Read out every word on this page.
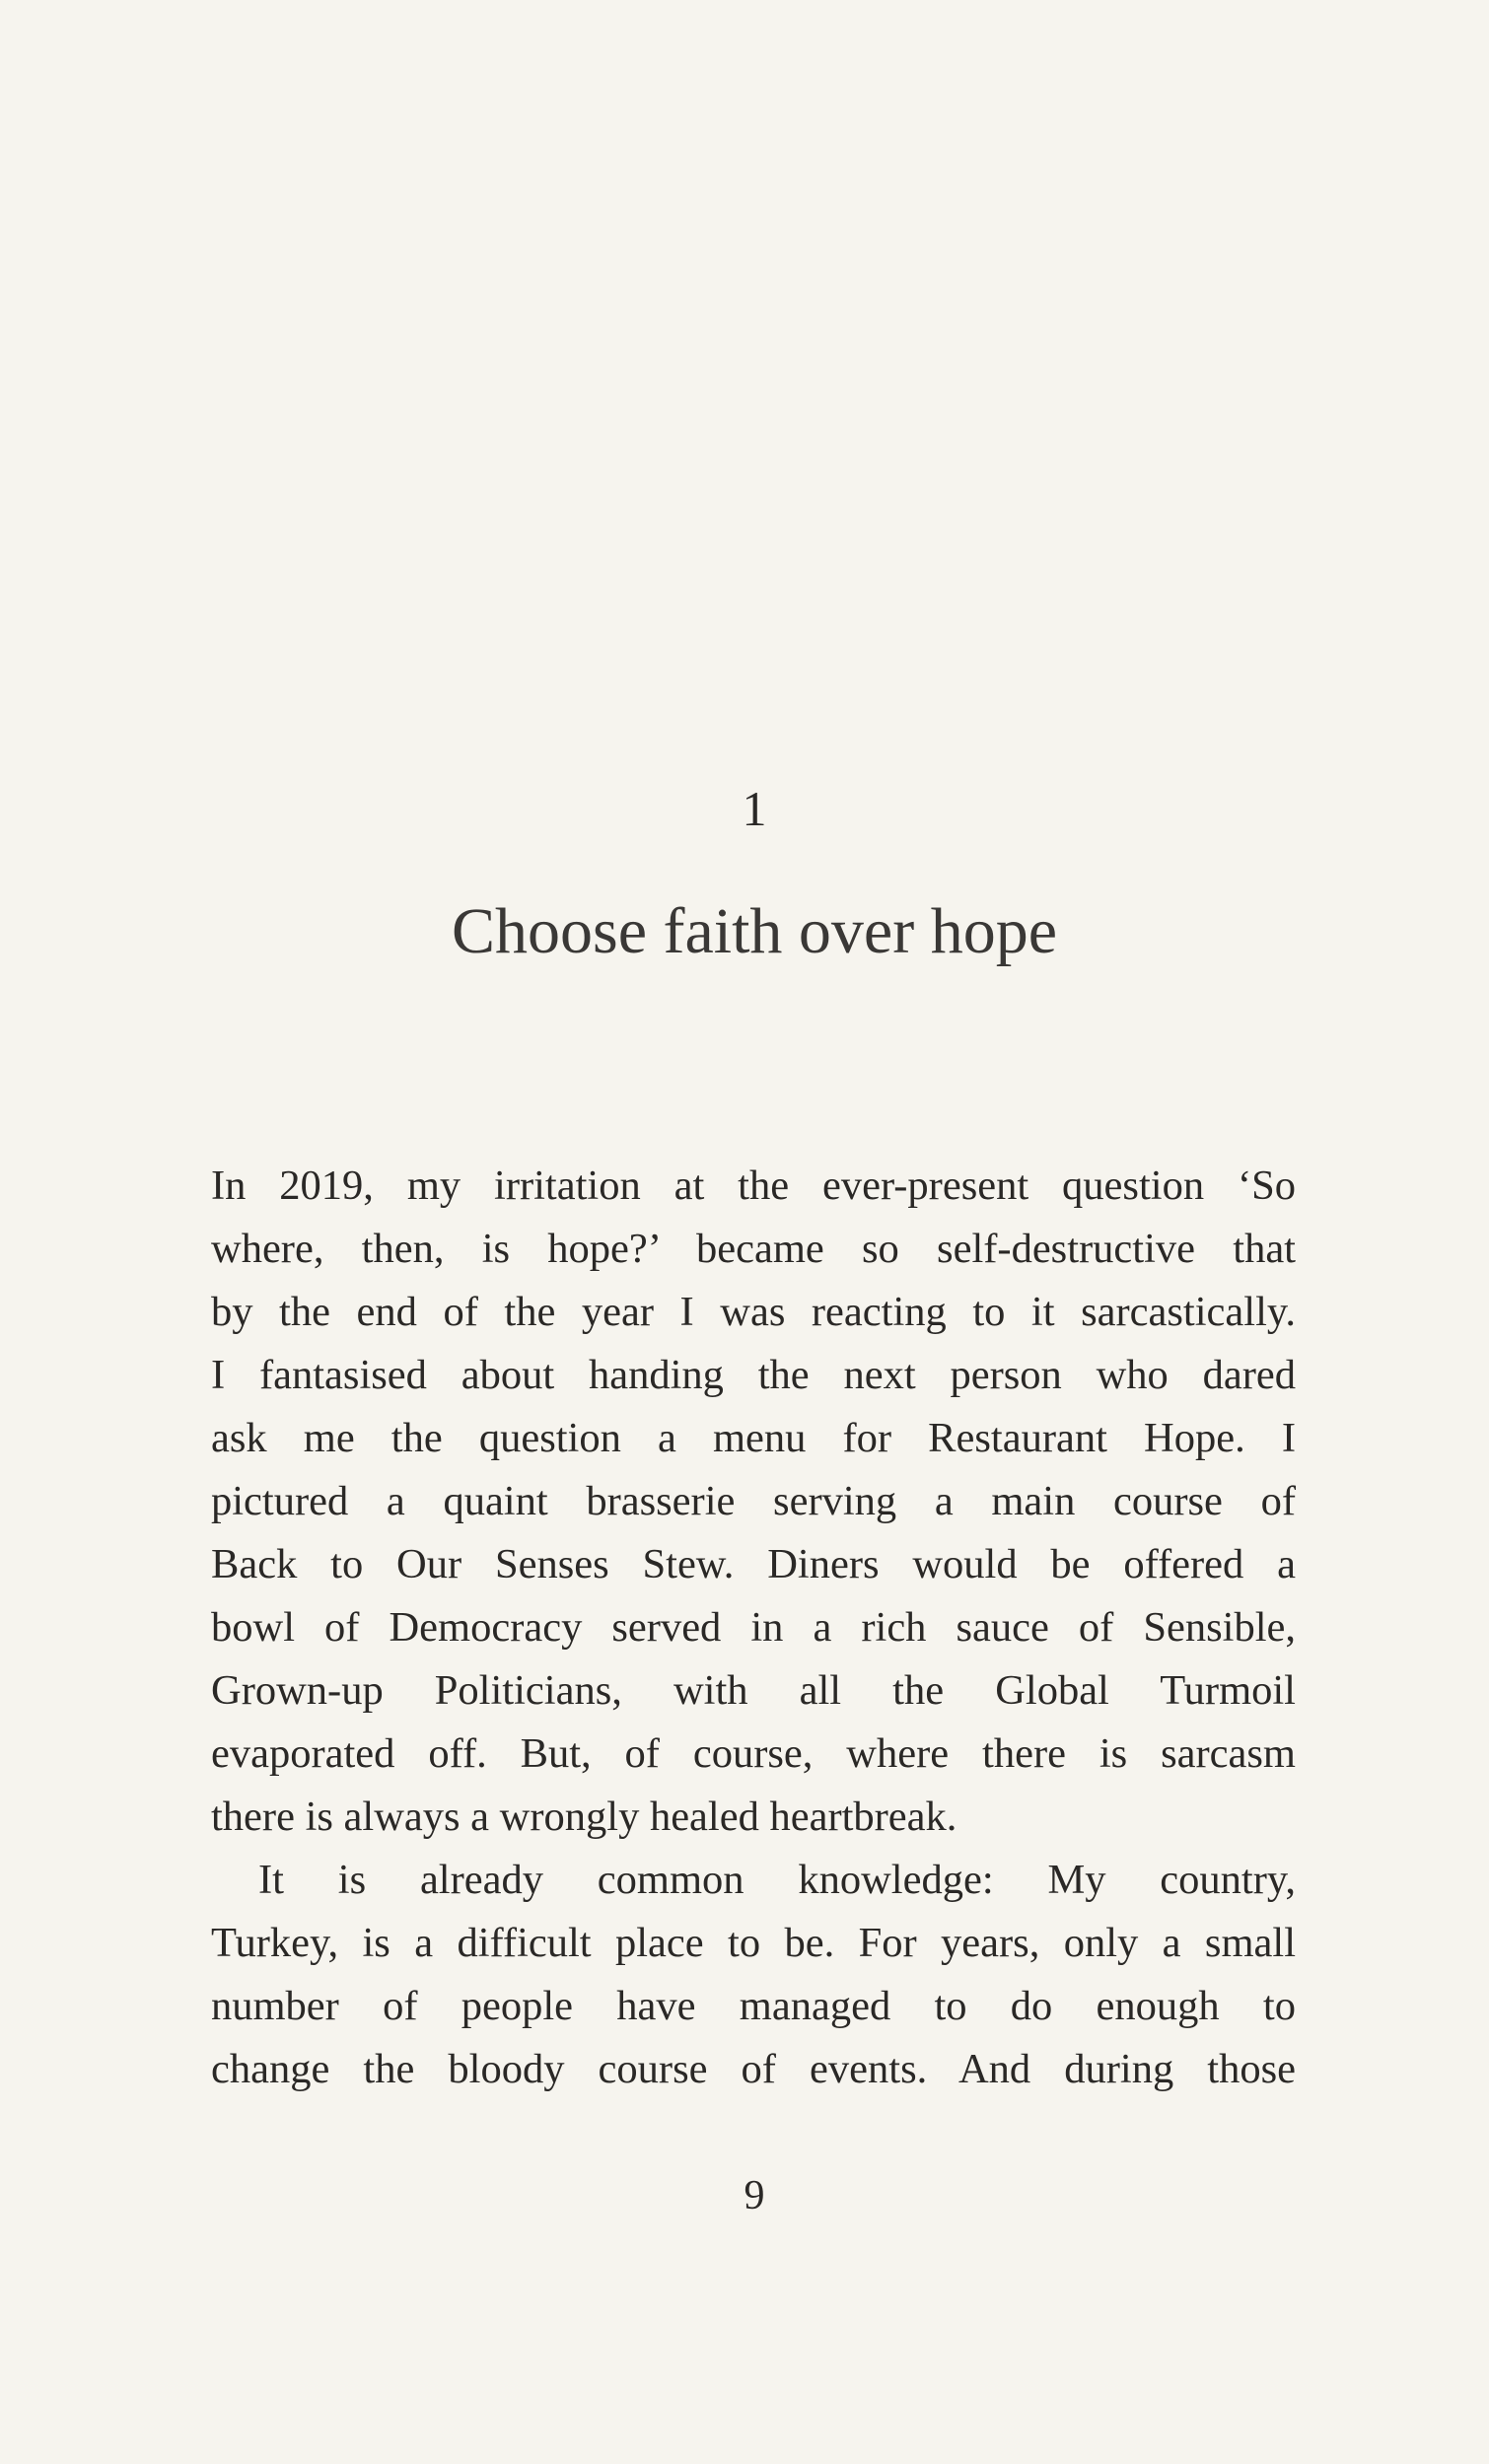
1
Choose faith over hope
In 2019, my irritation at the ever-present question ‘So
where, then, is hope?’ became so self-destructive that
by the end of the year I was reacting to it sarcastically.
I fantasised about handing the next person who dared
ask me the question a menu for Restaurant Hope. I
pictured a quaint brasserie serving a main course of
Back to Our Senses Stew. Diners would be offered a
bowl of Democracy served in a rich sauce of Sensible,
Grown-up Politicians, with all the Global Turmoil
evaporated off. But, of course, where there is sarcasm
there is always a wrongly healed heartbreak.
It is already common knowledge: My country,
Turkey, is a difficult place to be. For years, only a small
number of people have managed to do enough to
change the bloody course of events. And during those
9
